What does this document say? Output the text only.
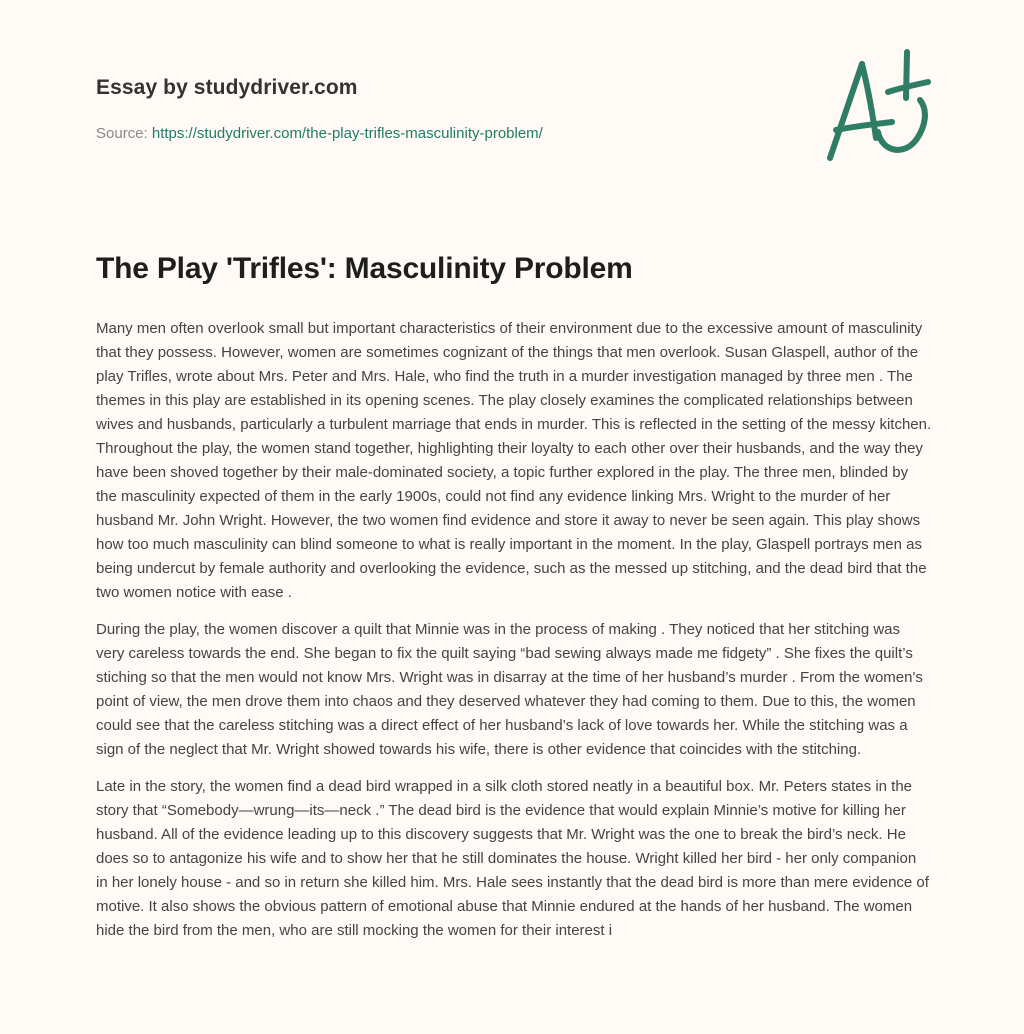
Essay by studydriver.com
Source: https://studydriver.com/the-play-trifles-masculinity-problem/
The Play 'Trifles': Masculinity Problem

Many men often overlook small but important characteristics of their environment due to the excessive amount of masculinity that they possess. However, women are sometimes cognizant of the things that men overlook. Susan Glaspell, author of the play Trifles, wrote about Mrs. Peter and Mrs. Hale, who find the truth in a murder investigation managed by three men . The themes in this play are established in its opening scenes. The play closely examines the complicated relationships between wives and husbands, particularly a turbulent marriage that ends in murder. This is reflected in the setting of the messy kitchen. Throughout the play, the women stand together, highlighting their loyalty to each other over their husbands, and the way they have been shoved together by their male-dominated society, a topic further explored in the play. The three men, blinded by the masculinity expected of them in the early 1900s, could not find any evidence linking Mrs. Wright to the murder of her husband Mr. John Wright. However, the two women find evidence and store it away to never be seen again. This play shows how too much masculinity can blind someone to what is really important in the moment. In the play, Glaspell portrays men as being undercut by female authority and overlooking the evidence, such as the messed up stitching, and the dead bird that the two women notice with ease .

During the play, the women discover a quilt that Minnie was in the process of making . They noticed that her stitching was very careless towards the end. She began to fix the quilt saying “bad sewing always made me fidgety” . She fixes the quilt’s stiching so that the men would not know Mrs. Wright was in disarray at the time of her husband’s murder . From the women's point of view, the men drove them into chaos and they deserved whatever they had coming to them. Due to this, the women could see that the careless stitching was a direct effect of her husband’s lack of love towards her. While the stitching was a sign of the neglect that Mr. Wright showed towards his wife, there is other evidence that coincides with the stitching.

Late in the story, the women find a dead bird wrapped in a silk cloth stored neatly in a beautiful box. Mr. Peters states in the story that “Somebody—wrung—its—neck .” The dead bird is the evidence that would explain Minnie’s motive for killing her husband. All of the evidence leading up to this discovery suggests that Mr. Wright was the one to break the bird’s neck. He does so to antagonize his wife and to show her that he still dominates the house. Wright killed her bird - her only companion in her lonely house - and so in return she killed him. Mrs. Hale sees instantly that the dead bird is more than mere evidence of motive. It also shows the obvious pattern of emotional abuse that Minnie endured at the hands of her husband. The women hide the bird from the men, who are still mocking the women for their interest i
